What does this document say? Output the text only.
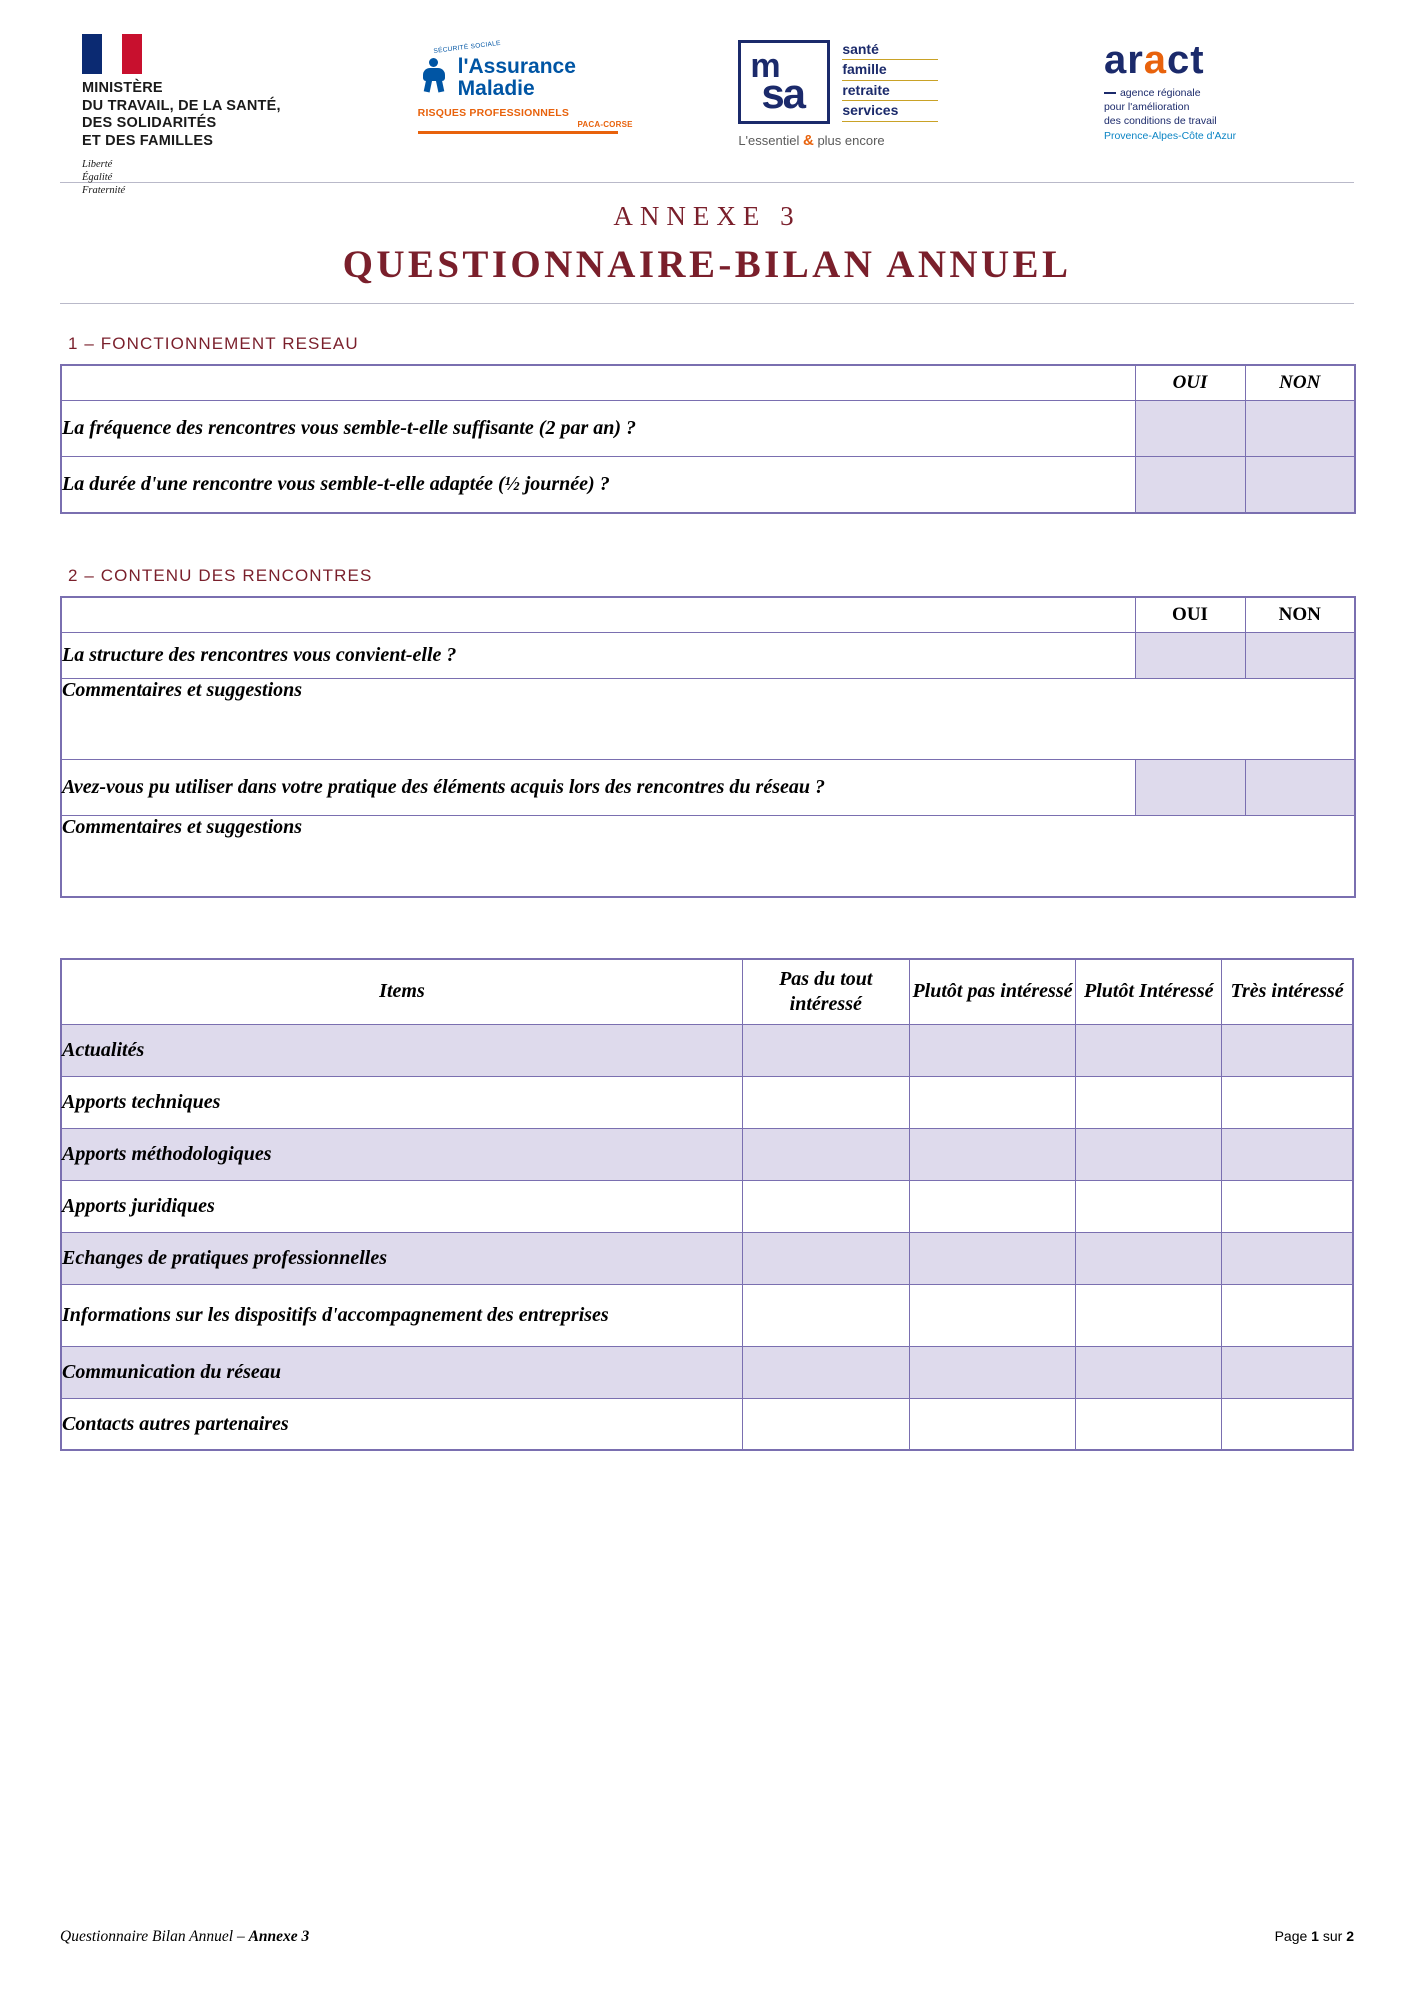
MINISTÈRE
DU TRAVAIL, DE LA SANTÉ,
DES SOLIDARITÉS
ET DES FAMILLES
Liberté
Égalité
Fraternité
SÉCURITÉ SOCIALE
l'Assurance
Maladie
RISQUES PROFESSIONNELS
PACA-CORSE
m
sa
santé
famille
retraite
services
L'essentiel & plus encore
aract
agence régionale
pour l'amélioration
des conditions de travail
Provence-Alpes-Côte d'Azur
ANNEXE 3
QUESTIONNAIRE-BILAN ANNUEL
1 – FONCTIONNEMENT RESEAU
	OUI	NON
La fréquence des rencontres vous semble-t-elle suffisante (2 par an) ?		
La durée d'une rencontre vous semble-t-elle adaptée (½ journée) ?		
2 – CONTENU DES RENCONTRES
	OUI	NON
La structure des rencontres vous convient-elle ?		
Commentaires et suggestions		
Avez-vous pu utiliser dans votre pratique des éléments acquis lors des rencontres du réseau ?		
Commentaires et suggestions		
Items	Pas du tout intéressé	Plutôt pas intéressé	Plutôt Intéressé	Très intéressé
Actualités				
Apports techniques				
Apports méthodologiques				
Apports juridiques				
Echanges de pratiques professionnelles				
Informations sur les dispositifs d'accompagnement des entreprises				
Communication du réseau				
Contacts autres partenaires				
Questionnaire Bilan Annuel – Annexe 3	Page 1 sur 2
